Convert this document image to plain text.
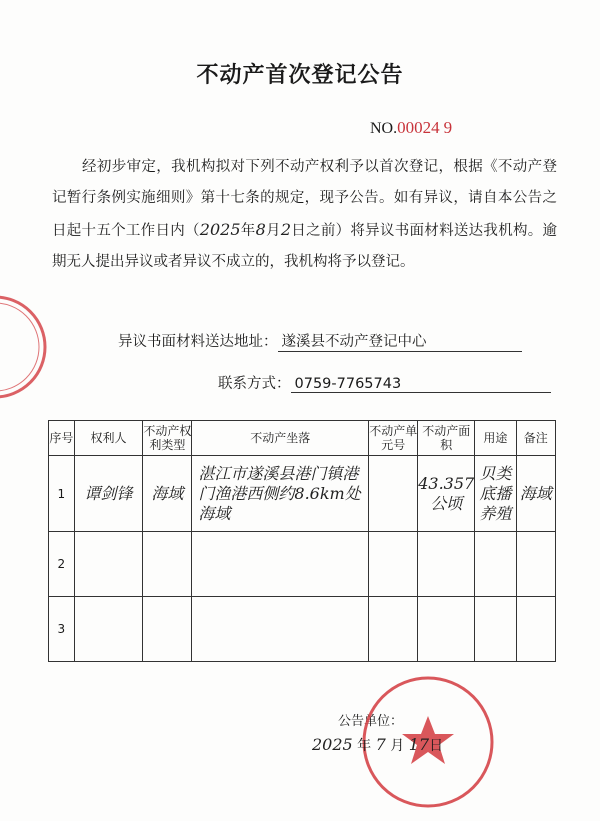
不动产首次登记公告
NO.00024 9
经初步审定，我机构拟对下列不动产权利予以首次登记，根据《不动产登记暂行条例实施细则》第十七条的规定，现予公告。如有异议，请自本公告之日起十五个工作日内（2025年8月2日之前）将异议书面材料送达我机构。逾期无人提出异议或者异议不成立的，我机构将予以登记。
异议书面材料送达地址： 遂溪县不动产登记中心
联系方式： 0759-7765743
序号	权利人	不动产权利类型	不动产坐落	不动产单元号	不动产面积	用途	备注
1	谭剑锋	海域	湛江市遂溪县港门镇港门渔港西侧约8.6km处海域		43.357公顷	贝类底播养殖	海域
2							
3							
公告单位：
2025 年 7 月 17日
